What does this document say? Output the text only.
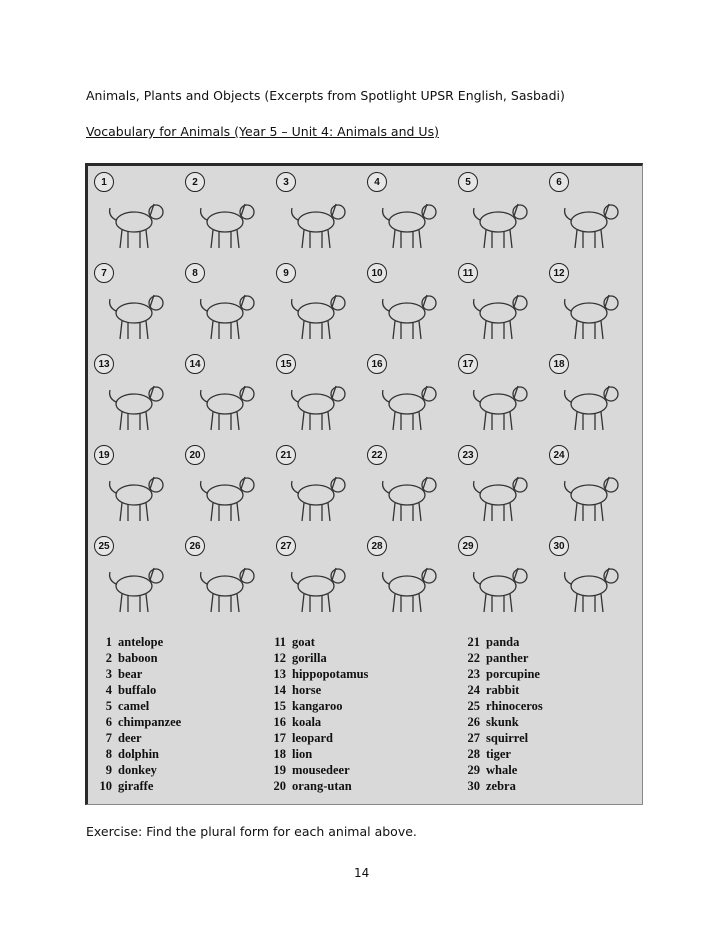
Animals, Plants and Objects (Excerpts from Spotlight UPSR English, Sasbadi)
Vocabulary for Animals (Year 5 – Unit 4: Animals and Us)
1	2	3	4	5	6
7	8	9	10	11	12
13	14	15	16	17	18
19	20	21	22	23	24
25	26	27	28	29	30
1 antelope
2 baboon
3 bear
4 buffalo
5 camel
6 chimpanzee
7 deer
8 dolphin
9 donkey
10 giraffe
11 goat
12 gorilla
13 hippopotamus
14 horse
15 kangaroo
16 koala
17 leopard
18 lion
19 mousedeer
20 orang-utan
21 panda
22 panther
23 porcupine
24 rabbit
25 rhinoceros
26 skunk
27 squirrel
28 tiger
29 whale
30 zebra
Exercise: Find the plural form for each animal above.
14
